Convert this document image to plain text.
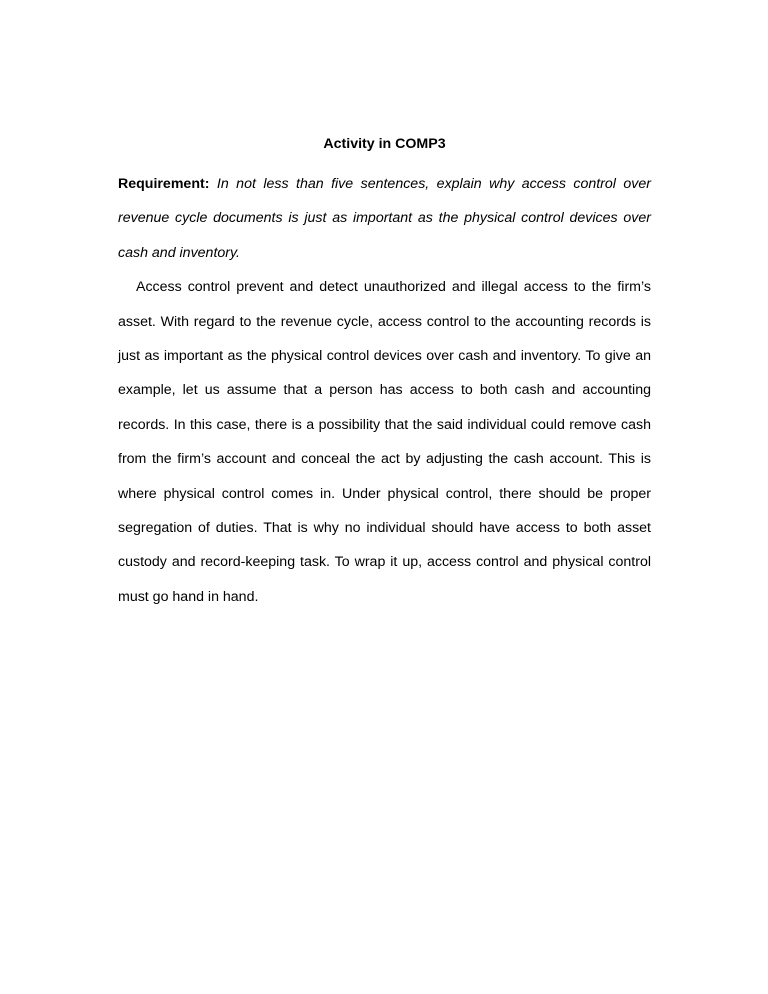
Activity in COMP3

Requirement: In not less than five sentences, explain why access control over revenue cycle documents is just as important as the physical control devices over cash and inventory.

Access control prevent and detect unauthorized and illegal access to the firm’s asset. With regard to the revenue cycle, access control to the accounting records is just as important as the physical control devices over cash and inventory. To give an example, let us assume that a person has access to both cash and accounting records. In this case, there is a possibility that the said individual could remove cash from the firm’s account and conceal the act by adjusting the cash account. This is where physical control comes in. Under physical control, there should be proper segregation of duties. That is why no individual should have access to both asset custody and record-keeping task. To wrap it up, access control and physical control must go hand in hand.
